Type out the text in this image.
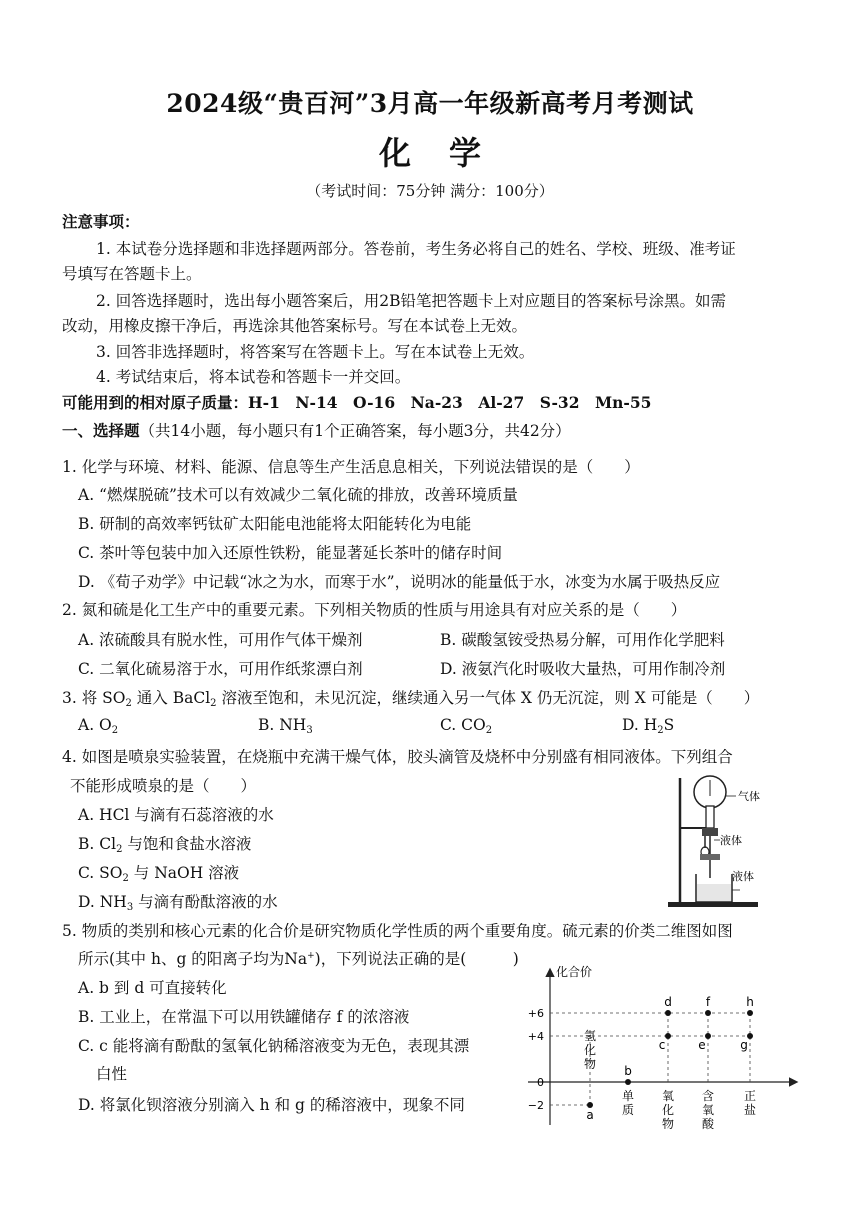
2024级“贵百河”3月高一年级新高考月考测试
化学
（考试时间：75分钟 满分：100分）
注意事项：
1. 本试卷分选择题和非选择题两部分。答卷前，考生务必将自己的姓名、学校、班级、准考证
号填写在答题卡上。
2. 回答选择题时，选出每小题答案后，用2B铅笔把答题卡上对应题目的答案标号涂黑。如需
改动，用橡皮擦干净后，再选涂其他答案标号。写在本试卷上无效。
3. 回答非选择题时，将答案写在答题卡上。写在本试卷上无效。
4. 考试结束后，将本试卷和答题卡一并交回。
可能用到的相对原子质量：H-1　N-14　O-16　Na-23　Al-27　S-32　Mn-55
一、选择题（共14小题，每小题只有1个正确答案，每小题3分，共42分）
1. 化学与环境、材料、能源、信息等生产生活息息相关，下列说法错误的是（　　）
A. “燃煤脱硫”技术可以有效减少二氧化硫的排放，改善环境质量
B. 研制的高效率钙钛矿太阳能电池能将太阳能转化为电能
C. 茶叶等包装中加入还原性铁粉，能显著延长茶叶的储存时间
D. 《荀子劝学》中记载“冰之为水，而寒于水”，说明冰的能量低于水，冰变为水属于吸热反应
2. 氮和硫是化工生产中的重要元素。下列相关物质的性质与用途具有对应关系的是（　　）
A. 浓硫酸具有脱水性，可用作气体干燥剂	B. 碳酸氢铵受热易分解，可用作化学肥料
C. 二氧化硫易溶于水，可用作纸浆漂白剂	D. 液氨汽化时吸收大量热，可用作制冷剂
3. 将 $SO_2$ 通入 BaCl$_2$ 溶液至饱和，未见沉淀，继续通入另一气体 X 仍无沉淀，则 X 可能是（　　）
A. $O_2$	B. $NH_3$	C. $CO_2$	D. $H_2S$
4. 如图是喷泉实验装置，在烧瓶中充满干燥气体，胶头滴管及烧杯中分别盛有相同液体。下列组合
不能形成喷泉的是（　　）
A. HCl 与滴有石蕊溶液的水
B. $Cl_2$ 与饱和食盐水溶液
C. $SO_2$ 与 NaOH 溶液
D. $NH_3$ 与滴有酚酞溶液的水
气体
液体
液体
5. 物质的类别和核心元素的化合价是研究物质化学性质的两个重要角度。硫元素的价类二维图如图
所示(其中 h、g 的阳离子均为Na+)，下列说法正确的是(　　　)
A. b 到 d 可直接转化
B. 工业上，在常温下可以用铁罐储存 f 的浓溶液
C. c 能将滴有酚酞的氢氧化钠稀溶液变为无色，表现其漂
白性
D. 将氯化钡溶液分别滴入 h 和 g 的稀溶液中，现象不同
化合价
+6
+4
0
−2
氢化物
单质
氧化物
含氧酸
正盐
a
b
c
d
e
f
g
h
